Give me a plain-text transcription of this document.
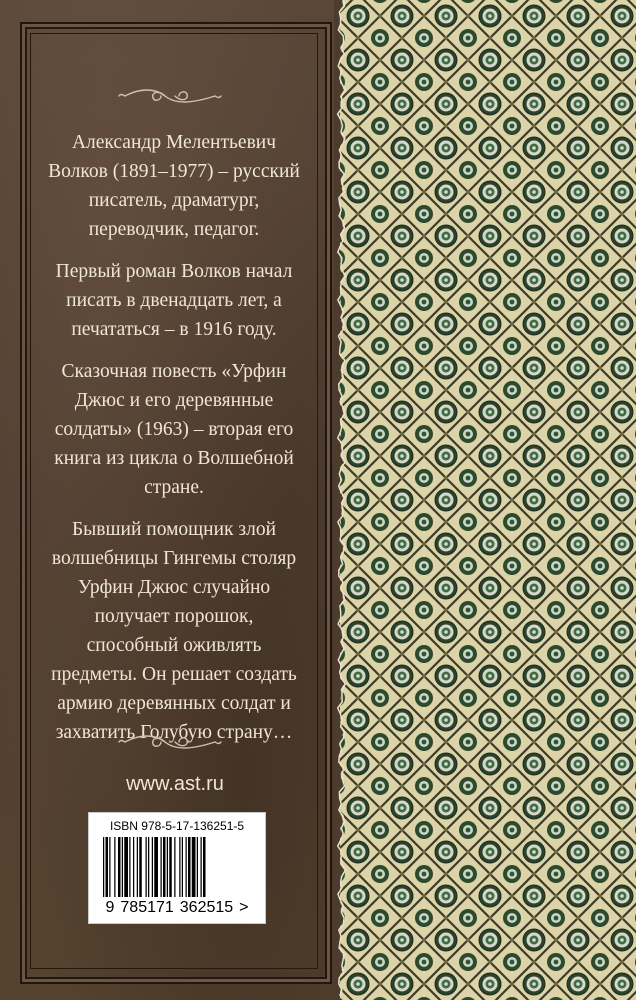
Александр Мелентьевич Волков (1891–1977) – русский писатель, драматург, переводчик, педагог.

Первый роман Волков начал писать в двенадцать лет, а печататься – в 1916 году.

Сказочная повесть «Урфин Джюс и его деревянные солдаты» (1963) – вторая его книга из цикла о Волшебной стране.

Бывший помощник злой волшебницы Гингемы столяр Урфин Джюс случайно получает порошок, способный оживлять предметы. Он решает создать армию деревянных солдат и захватить Голубую страну…

www.ast.ru
ISBN 978-5-17-136251-5
9 785171 362515 >
